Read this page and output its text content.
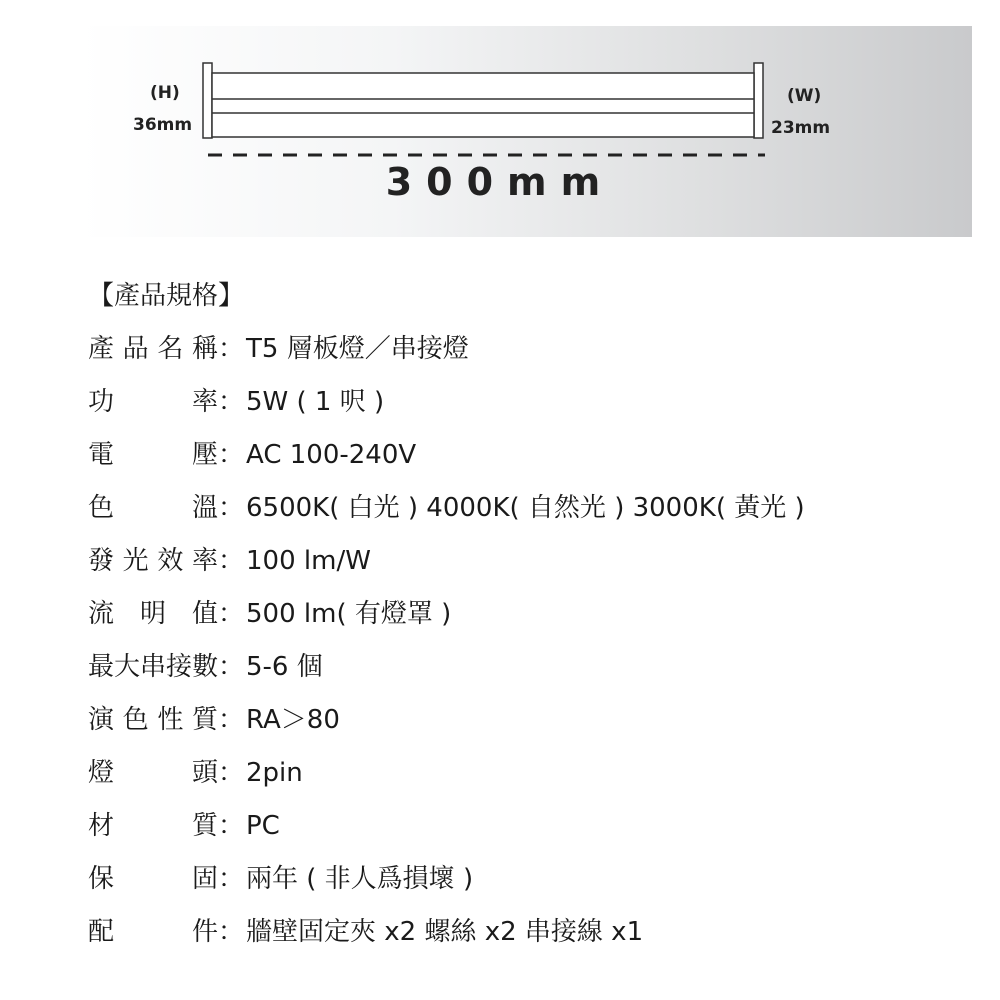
(H)
36mm
(W)
23mm
300mm
【產品規格】
產 品 名 稱 ： T5 層板燈／串接燈
功	率 ： 5W ( 1 呎 )
電	壓 ： AC 100-240V
色	溫 ： 6500K( 白光 ) 4000K( 自然光 ) 3000K( 黃光 )
發 光 效 率 ： 100 lm/W
流 明 值 ： 500 lm( 有燈罩 )
最 大 串 接 數 ： 5-6 個
演 色 性 質 ： RA＞80
燈	頭 ： 2pin
材	質 ： PC
保	固 ： 兩年 ( 非人爲損壞 )
配	件 ： 牆壁固定夾 x2 螺絲 x2 串接線 x1
